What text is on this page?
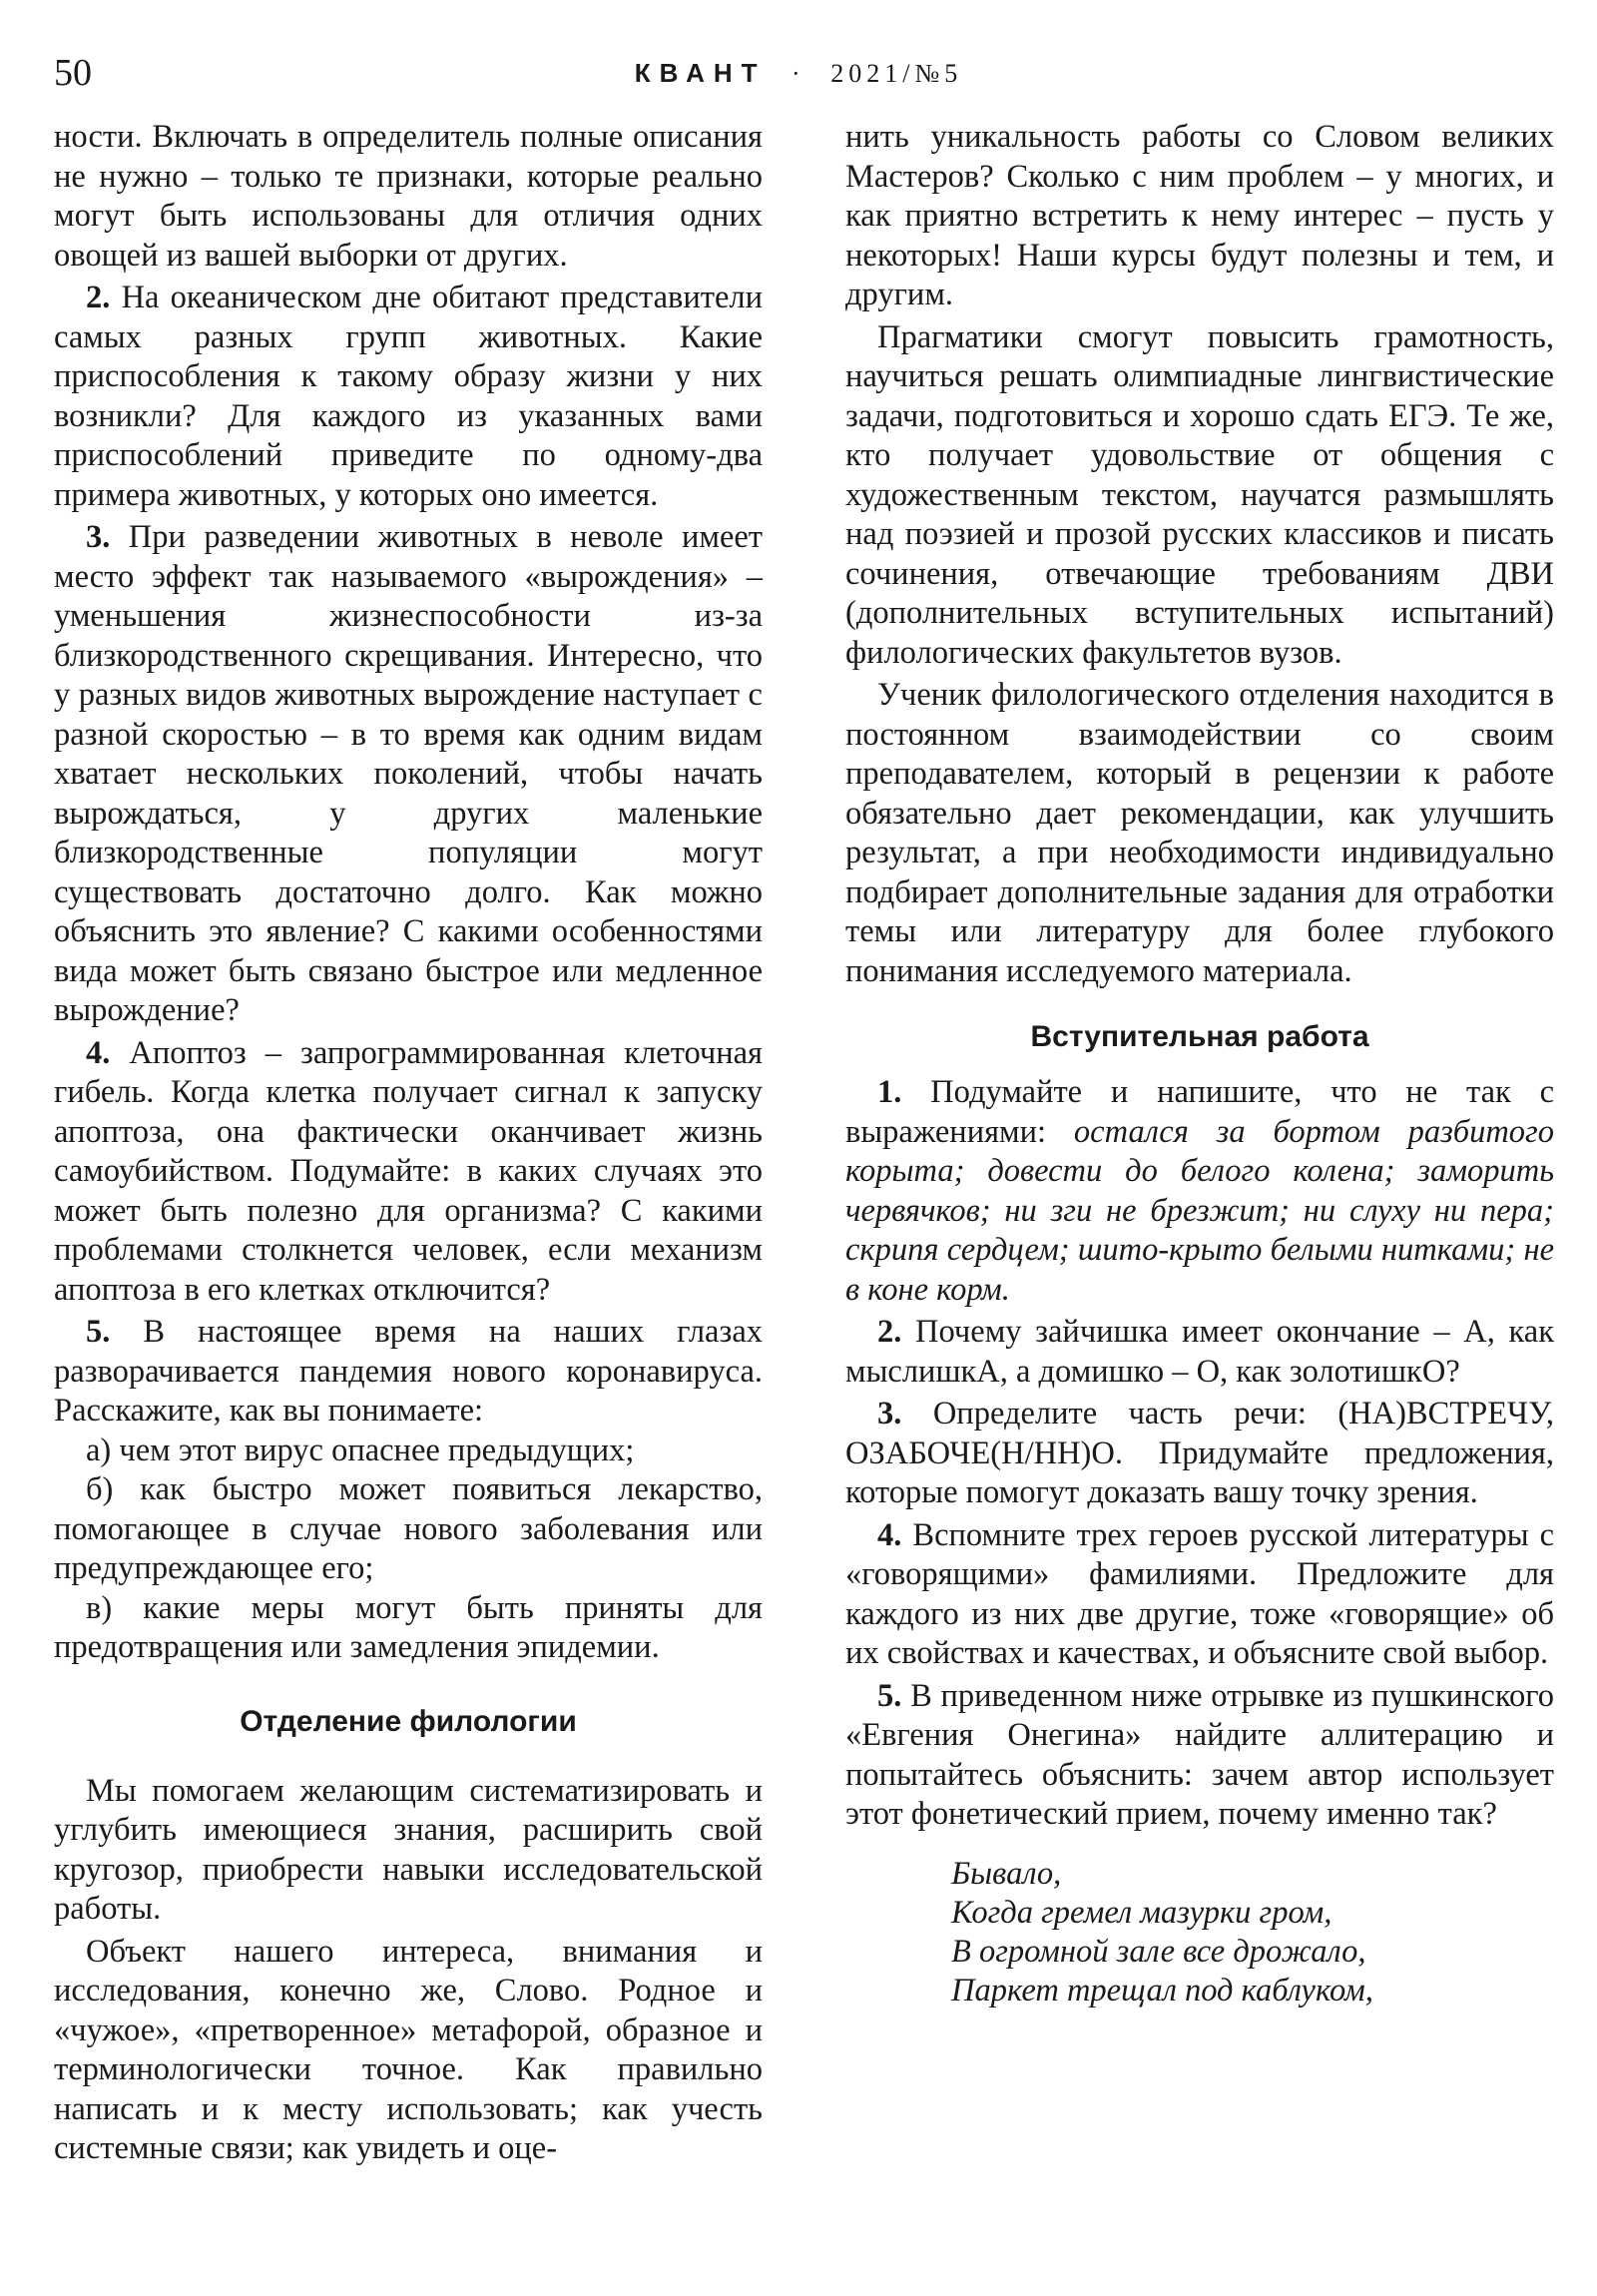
50	КВАНТ · 2021/№5

ности. Включать в определитель полные описания не нужно – только те признаки, которые реально могут быть использованы для отличия одних овощей из вашей выборки от других.

2. На океаническом дне обитают представители самых разных групп животных. Какие приспособления к такому образу жизни у них возникли? Для каждого из указанных вами приспособлений приведите по одному-два примера животных, у которых оно имеется.

3. При разведении животных в неволе имеет место эффект так называемого «вырождения» – уменьшения жизнеспособности из-за близкородственного скрещивания. Интересно, что у разных видов животных вырождение наступает с разной скоростью – в то время как одним видам хватает нескольких поколений, чтобы начать вырождаться, у других маленькие близкородственные популяции могут существовать достаточно долго. Как можно объяснить это явление? С какими особенностями вида может быть связано быстрое или медленное вырождение?

4. Апоптоз – запрограммированная клеточная гибель. Когда клетка получает сигнал к запуску апоптоза, она фактически оканчивает жизнь самоубийством. Подумайте: в каких случаях это может быть полезно для организма? С какими проблемами столкнется человек, если механизм апоптоза в его клетках отключится?

5. В настоящее время на наших глазах разворачивается пандемия нового коронавируса. Расскажите, как вы понимаете:

а) чем этот вирус опаснее предыдущих;

б) как быстро может появиться лекарство, помогающее в случае нового заболевания или предупреждающее его;

в) какие меры могут быть приняты для предотвращения или замедления эпидемии.

Отделение филологии

Мы помогаем желающим систематизировать и углубить имеющиеся знания, расширить свой кругозор, приобрести навыки исследовательской работы.

Объект нашего интереса, внимания и исследования, конечно же, Слово. Родное и «чужое», «претворенное» метафорой, образное и терминологически точное. Как правильно написать и к месту использовать; как учесть системные связи; как увидеть и оце-

нить уникальность работы со Словом великих Мастеров? Сколько с ним проблем – у многих, и как приятно встретить к нему интерес – пусть у некоторых! Наши курсы будут полезны и тем, и другим.

Прагматики смогут повысить грамотность, научиться решать олимпиадные лингвистические задачи, подготовиться и хорошо сдать ЕГЭ. Те же, кто получает удовольствие от общения с художественным текстом, научатся размышлять над поэзией и прозой русских классиков и писать сочинения, отвечающие требованиям ДВИ (дополнительных вступительных испытаний) филологических факультетов вузов.

Ученик филологического отделения находится в постоянном взаимодействии со своим преподавателем, который в рецензии к работе обязательно дает рекомендации, как улучшить результат, а при необходимости индивидуально подбирает дополнительные задания для отработки темы или литературу для более глубокого понимания исследуемого материала.

Вступительная работа

1. Подумайте и напишите, что не так с выражениями: остался за бортом разбитого корыта; довести до белого колена; заморить червячков; ни зги не брезжит; ни слуху ни пера; скрипя сердцем; шито-крыто белыми нитками; не в коне корм.

2. Почему зайчишка имеет окончание – А, как мыслишкА, а домишко – О, как золотишкО?

3. Определите часть речи: (НА)ВСТРЕЧУ, ОЗАБОЧЕ(Н/НН)О. Придумайте предложения, которые помогут доказать вашу точку зрения.

4. Вспомните трех героев русской литературы с «говорящими» фамилиями. Предложите для каждого из них две другие, тоже «говорящие» об их свойствах и качествах, и объясните свой выбор.

5. В приведенном ниже отрывке из пушкинского «Евгения Онегина» найдите аллитерацию и попытайтесь объяснить: зачем автор использует этот фонетический прием, почему именно так?

Бывало,
Когда гремел мазурки гром,
В огромной зале все дрожало,
Паркет трещал под каблуком,
